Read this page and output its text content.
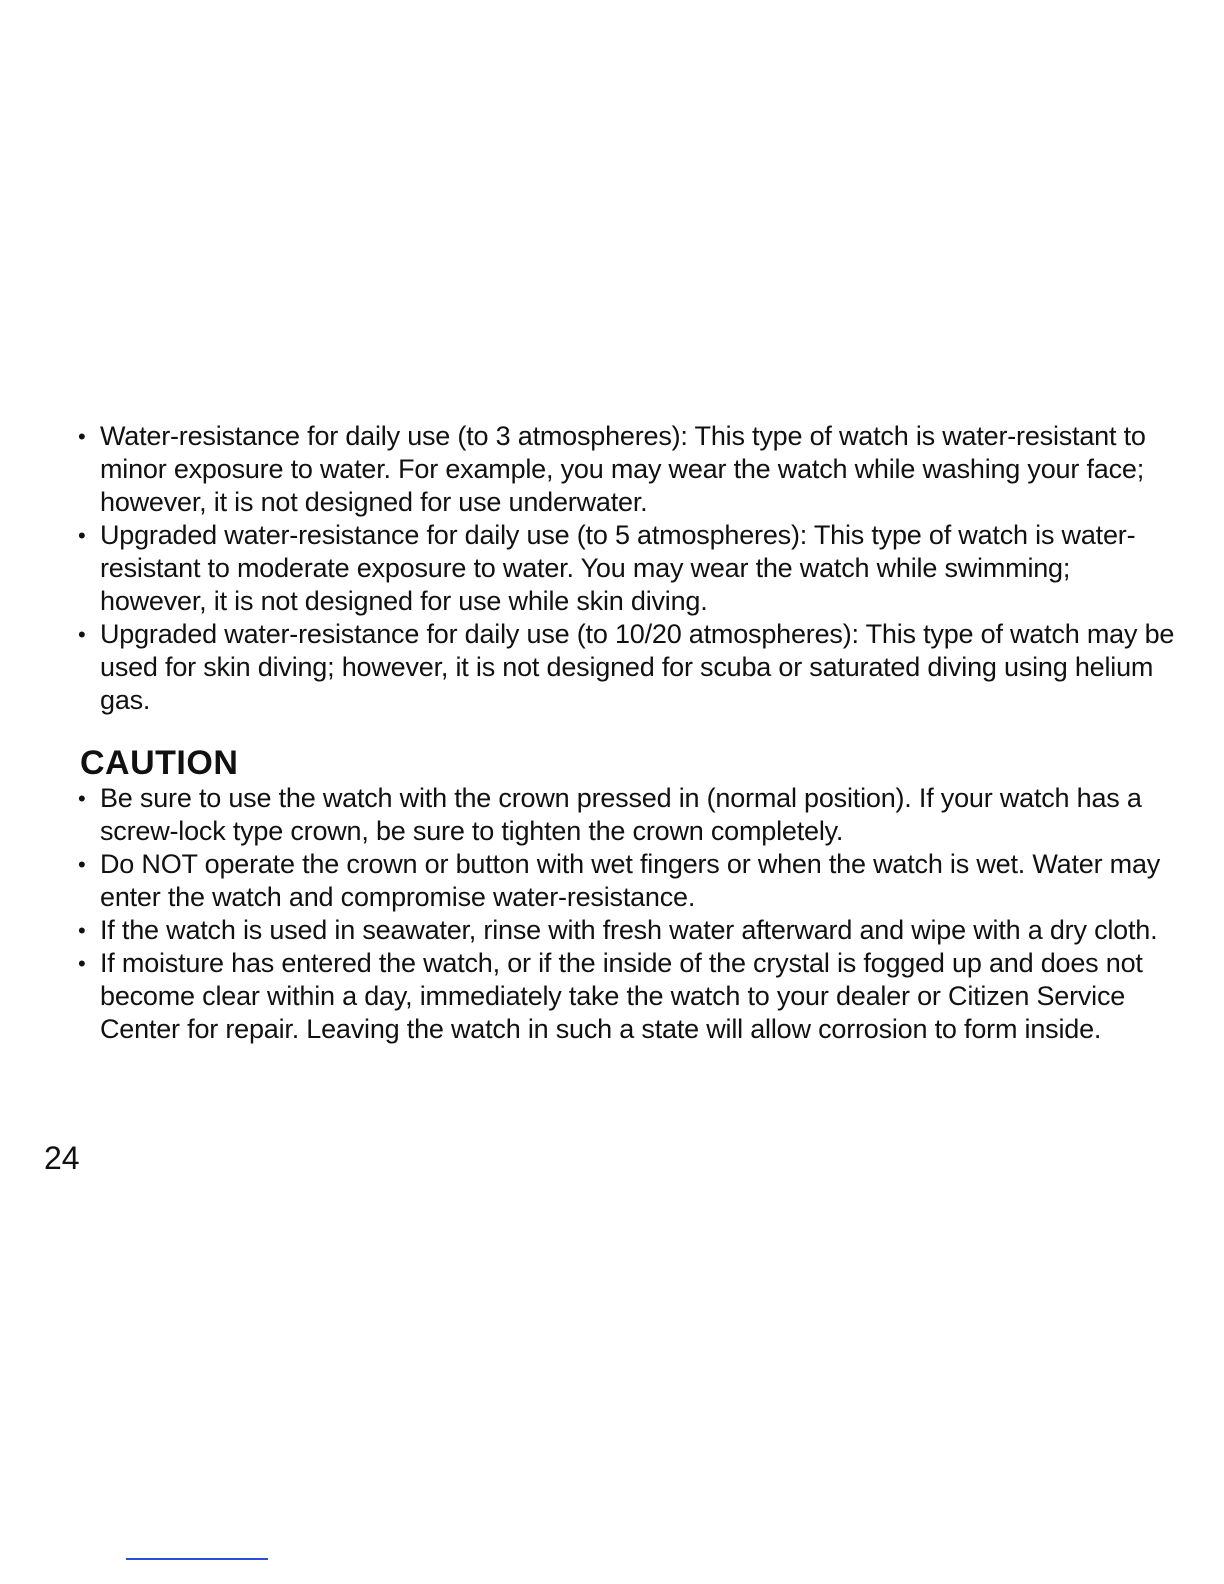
• Water-resistance for daily use (to 3 atmospheres): This type of watch is water-resistant to minor exposure to water. For example, you may wear the watch while washing your face; however, it is not designed for use underwater.
• Upgraded water-resistance for daily use (to 5 atmospheres): This type of watch is water-resistant to moderate exposure to water. You may wear the watch while swimming; however, it is not designed for use while skin diving.
• Upgraded water-resistance for daily use (to 10/20 atmospheres): This type of watch may be used for skin diving; however, it is not designed for scuba or saturated diving using helium gas.
CAUTION
• Be sure to use the watch with the crown pressed in (normal position). If your watch has a screw-lock type crown, be sure to tighten the crown completely.
• Do NOT operate the crown or button with wet fingers or when the watch is wet. Water may enter the watch and compromise water-resistance.
• If the watch is used in seawater, rinse with fresh water afterward and wipe with a dry cloth.
• If moisture has entered the watch, or if the inside of the crystal is fogged up and does not become clear within a day, immediately take the watch to your dealer or Citizen Service Center for repair. Leaving the watch in such a state will allow corrosion to form inside.
24
